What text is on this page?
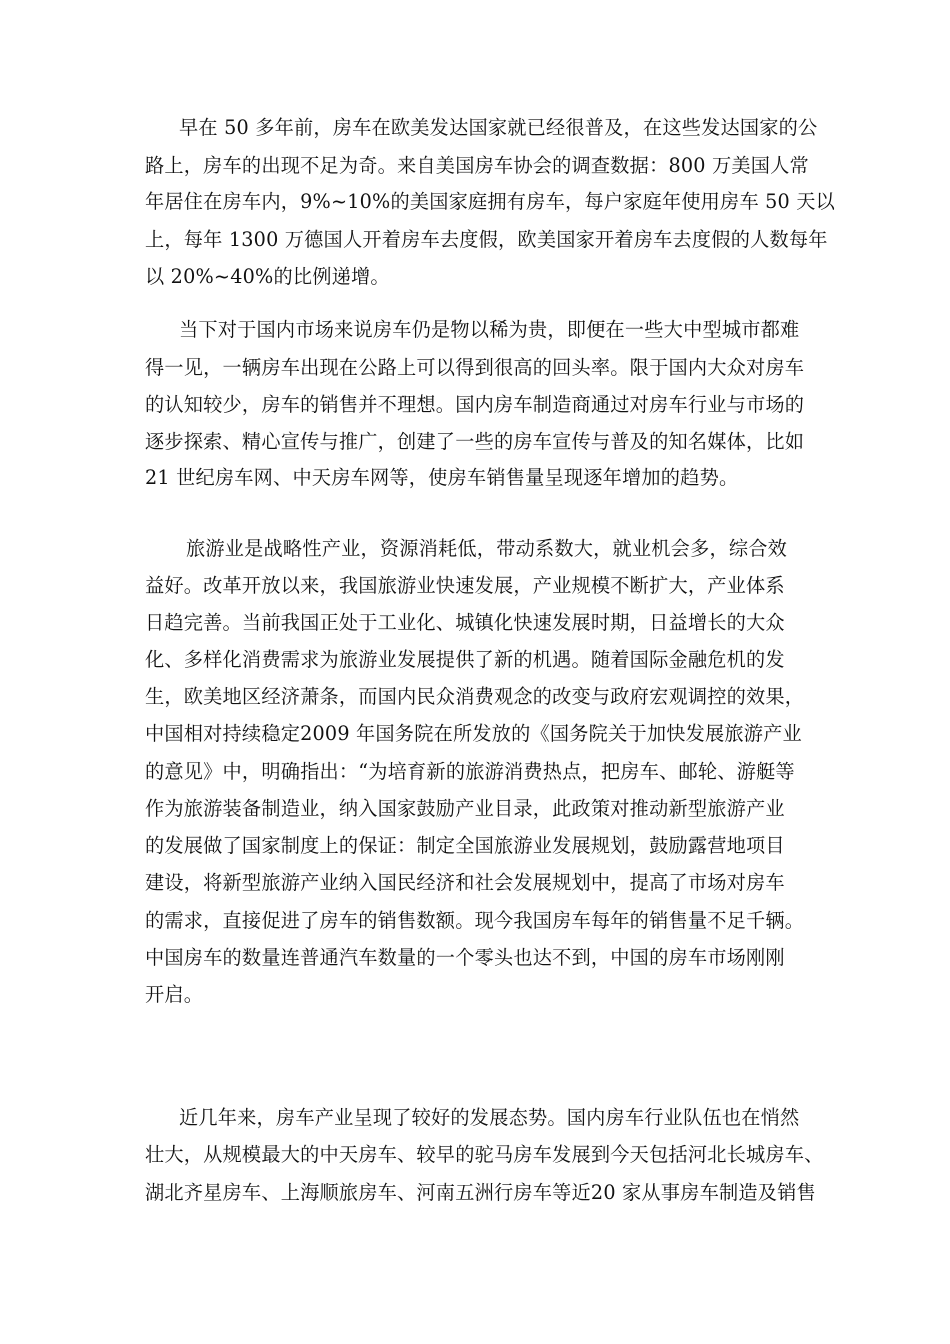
早在 50 多年前，房车在欧美发达国家就已经很普及，在这些发达国家的公
路上，房车的出现不足为奇。来自美国房车协会的调查数据：800 万美国人常
年居住在房车内，9%~10%的美国家庭拥有房车，每户家庭年使用房车 50 天以
上，每年 1300 万德国人开着房车去度假，欧美国家开着房车去度假的人数每年
以 20%~40%的比例递增。
当下对于国内市场来说房车仍是物以稀为贵，即便在一些大中型城市都难
得一见，一辆房车出现在公路上可以得到很高的回头率。限于国内大众对房车
的认知较少，房车的销售并不理想。国内房车制造商通过对房车行业与市场的
逐步探索、精心宣传与推广，创建了一些的房车宣传与普及的知名媒体，比如
21 世纪房车网、中天房车网等，使房车销售量呈现逐年增加的趋势。
旅游业是战略性产业，资源消耗低，带动系数大，就业机会多，综合效
益好。改革开放以来，我国旅游业快速发展，产业规模不断扩大，产业体系
日趋完善。当前我国正处于工业化、城镇化快速发展时期，日益增长的大众
化、多样化消费需求为旅游业发展提供了新的机遇。随着国际金融危机的发
生，欧美地区经济萧条，而国内民众消费观念的改变与政府宏观调控的效果，
中国相对持续稳定2009 年国务院在所发放的《国务院关于加快发展旅游产业
的意见》中，明确指出：“为培育新的旅游消费热点，把房车、邮轮、游艇等
作为旅游装备制造业，纳入国家鼓励产业目录，此政策对推动新型旅游产业
的发展做了国家制度上的保证：制定全国旅游业发展规划，鼓励露营地项目
建设，将新型旅游产业纳入国民经济和社会发展规划中，提高了市场对房车
的需求，直接促进了房车的销售数额。现今我国房车每年的销售量不足千辆。
中国房车的数量连普通汽车数量的一个零头也达不到，中国的房车市场刚刚
开启。
近几年来，房车产业呈现了较好的发展态势。国内房车行业队伍也在悄然
壮大，从规模最大的中天房车、较早的驼马房车发展到今天包括河北长城房车、
湖北齐星房车、上海顺旅房车、河南五洲行房车等近20 家从事房车制造及销售
